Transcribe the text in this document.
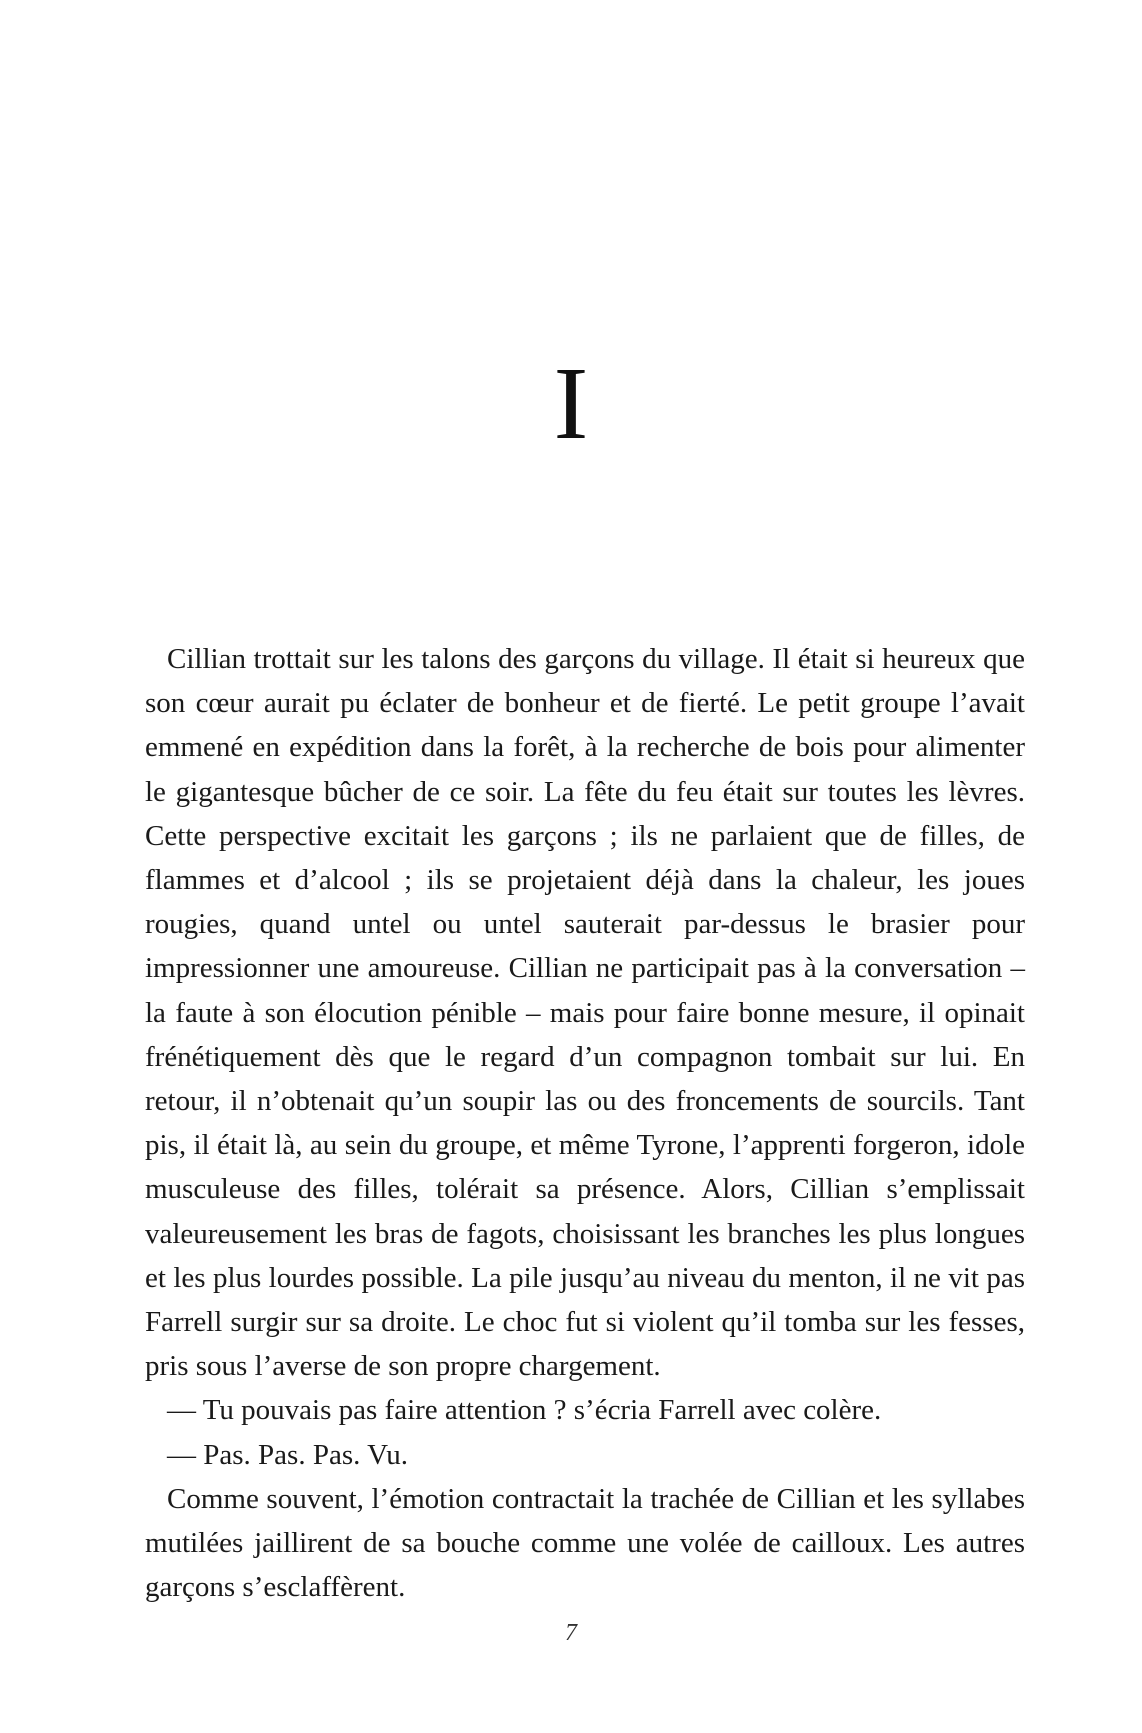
I

Cillian trottait sur les talons des garçons du village. Il était si heureux que son cœur aurait pu éclater de bonheur et de fierté. Le petit groupe l’avait emmené en expédition dans la forêt, à la recherche de bois pour alimenter le gigantesque bûcher de ce soir. La fête du feu était sur toutes les lèvres. Cette perspective excitait les garçons ; ils ne parlaient que de filles, de flammes et d’alcool ; ils se projetaient déjà dans la chaleur, les joues rougies, quand untel ou untel sauterait par-dessus le brasier pour impressionner une amoureuse. Cillian ne participait pas à la conversation – la faute à son élocution pénible – mais pour faire bonne mesure, il opinait frénétiquement dès que le regard d’un compagnon tombait sur lui. En retour, il n’obtenait qu’un soupir las ou des froncements de sourcils. Tant pis, il était là, au sein du groupe, et même Tyrone, l’apprenti forgeron, idole musculeuse des filles, tolérait sa présence. Alors, Cillian s’emplissait valeureusement les bras de fagots, choisissant les branches les plus longues et les plus lourdes possible. La pile jusqu’au niveau du menton, il ne vit pas Farrell surgir sur sa droite. Le choc fut si violent qu’il tomba sur les fesses, pris sous l’averse de son propre chargement.

— Tu pouvais pas faire attention ? s’écria Farrell avec colère.

— Pas. Pas. Pas. Vu.

Comme souvent, l’émotion contractait la trachée de Cillian et les syllabes mutilées jaillirent de sa bouche comme une volée de cailloux. Les autres garçons s’esclaffèrent.

7
